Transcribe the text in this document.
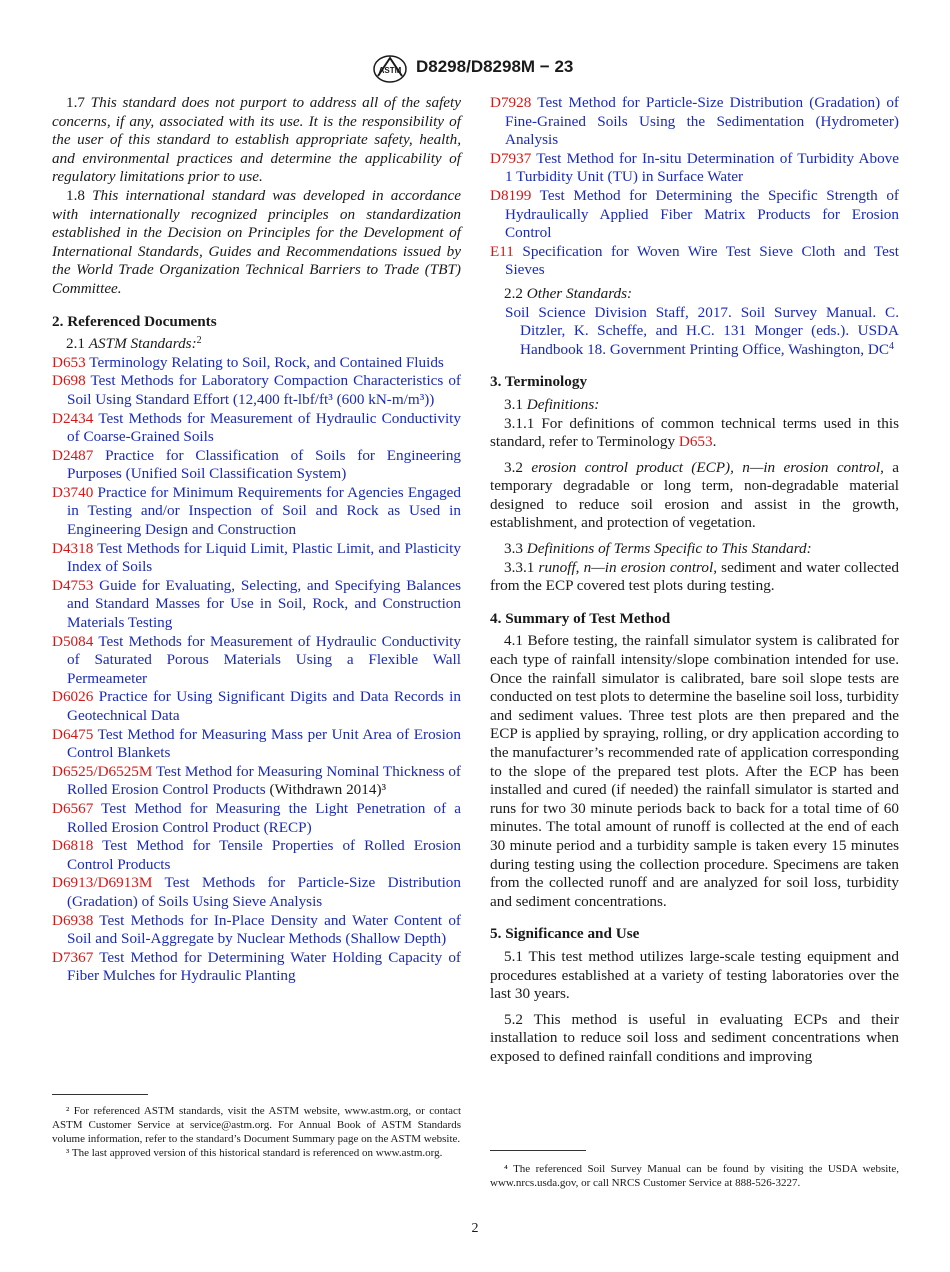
ASTM D8298/D8298M − 23

1.7 This standard does not purport to address all of the safety concerns, if any, associated with its use. It is the responsibility of the user of this standard to establish appropriate safety, health, and environmental practices and determine the applicability of regulatory limitations prior to use.

1.8 This international standard was developed in accordance with internationally recognized principles on standardization established in the Decision on Principles for the Development of International Standards, Guides and Recommendations issued by the World Trade Organization Technical Barriers to Trade (TBT) Committee.

2. Referenced Documents

2.1 ASTM Standards:$^2$

D653 Terminology Relating to Soil, Rock, and Contained Fluids

D698 Test Methods for Laboratory Compaction Characteristics of Soil Using Standard Effort (12,400 ft-lbf/ft³ (600 kN-m/m³))

D2434 Test Methods for Measurement of Hydraulic Conductivity of Coarse-Grained Soils

D2487 Practice for Classification of Soils for Engineering Purposes (Unified Soil Classification System)

D3740 Practice for Minimum Requirements for Agencies Engaged in Testing and/or Inspection of Soil and Rock as Used in Engineering Design and Construction

D4318 Test Methods for Liquid Limit, Plastic Limit, and Plasticity Index of Soils

D4753 Guide for Evaluating, Selecting, and Specifying Balances and Standard Masses for Use in Soil, Rock, and Construction Materials Testing

D5084 Test Methods for Measurement of Hydraulic Conductivity of Saturated Porous Materials Using a Flexible Wall Permeameter

D6026 Practice for Using Significant Digits and Data Records in Geotechnical Data

D6475 Test Method for Measuring Mass per Unit Area of Erosion Control Blankets

D6525/D6525M Test Method for Measuring Nominal Thickness of Rolled Erosion Control Products (Withdrawn 2014)³

D6567 Test Method for Measuring the Light Penetration of a Rolled Erosion Control Product (RECP)

D6818 Test Method for Tensile Properties of Rolled Erosion Control Products

D6913/D6913M Test Methods for Particle-Size Distribution (Gradation) of Soils Using Sieve Analysis

D6938 Test Methods for In-Place Density and Water Content of Soil and Soil-Aggregate by Nuclear Methods (Shallow Depth)

D7367 Test Method for Determining Water Holding Capacity of Fiber Mulches for Hydraulic Planting

² For referenced ASTM standards, visit the ASTM website, www.astm.org, or contact ASTM Customer Service at service@astm.org. For Annual Book of ASTM Standards volume information, refer to the standard’s Document Summary page on the ASTM website.

³ The last approved version of this historical standard is referenced on www.astm.org.

D7928 Test Method for Particle-Size Distribution (Gradation) of Fine-Grained Soils Using the Sedimentation (Hydrometer) Analysis

D7937 Test Method for In-situ Determination of Turbidity Above 1 Turbidity Unit (TU) in Surface Water

D8199 Test Method for Determining the Specific Strength of Hydraulically Applied Fiber Matrix Products for Erosion Control

E11 Specification for Woven Wire Test Sieve Cloth and Test Sieves

2.2 Other Standards:

Soil Science Division Staff, 2017. Soil Survey Manual. C. Ditzler, K. Scheffe, and H.C. 131 Monger (eds.). USDA Handbook 18. Government Printing Office, Washington, $DC^4$

3. Terminology

3.1 Definitions:

3.1.1 For definitions of common technical terms used in this standard, refer to Terminology D653.

3.2 erosion control product (ECP), n—in erosion control, a temporary degradable or long term, non-degradable material designed to reduce soil erosion and assist in the growth, establishment, and protection of vegetation.

3.3 Definitions of Terms Specific to This Standard:

3.3.1 runoff, n—in erosion control, sediment and water collected from the ECP covered test plots during testing.

4. Summary of Test Method

4.1 Before testing, the rainfall simulator system is calibrated for each type of rainfall intensity/slope combination intended for use. Once the rainfall simulator is calibrated, bare soil slope tests are conducted on test plots to determine the baseline soil loss, turbidity and sediment values. Three test plots are then prepared and the ECP is applied by spraying, rolling, or dry application according to the manufacturer’s recommended rate of application corresponding to the slope of the prepared test plots. After the ECP has been installed and cured (if needed) the rainfall simulator is started and runs for two 30 minute periods back to back for a total time of 60 minutes. The total amount of runoff is collected at the end of each 30 minute period and a turbidity sample is taken every 15 minutes during testing using the collection procedure. Specimens are taken from the collected runoff and are analyzed for soil loss, turbidity and sediment concentrations.

5. Significance and Use

5.1 This test method utilizes large-scale testing equipment and procedures established at a variety of testing laboratories over the last 30 years.

5.2 This method is useful in evaluating ECPs and their installation to reduce soil loss and sediment concentrations when exposed to defined rainfall conditions and improving

⁴ The referenced Soil Survey Manual can be found by visiting the USDA website, www.nrcs.usda.gov, or call NRCS Customer Service at 888-526-3227.

2
